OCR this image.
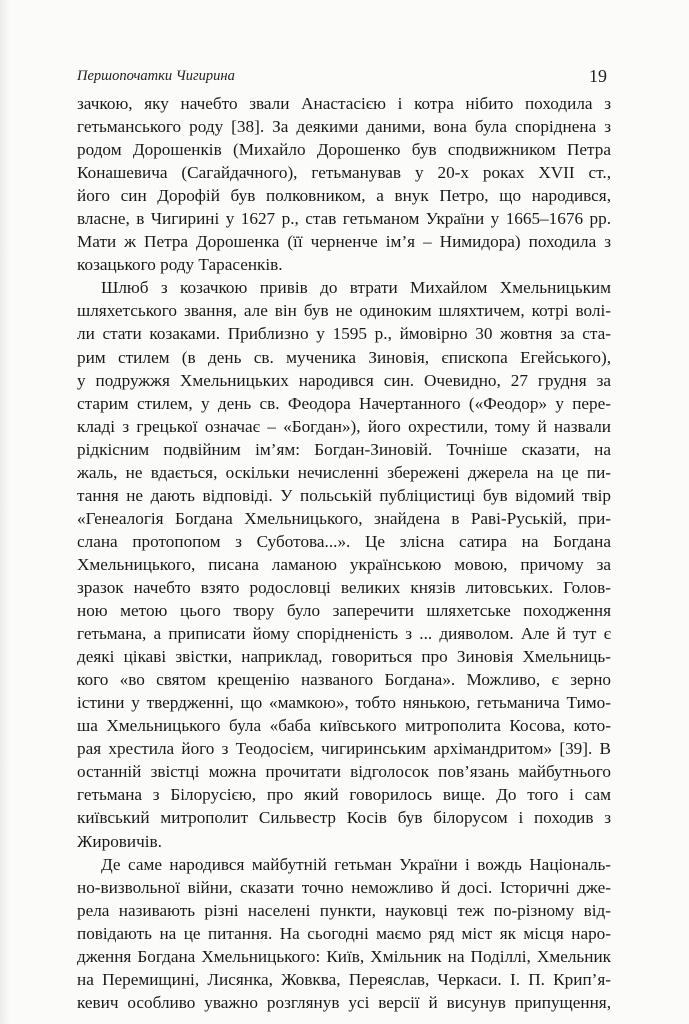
Першопочатки Чигирина	19
зачкою, яку начебто звали Анастасією і котра нібито походила з
гетьманського роду [38]. За деякими даними, вона була споріднена з
родом Дорошенків (Михайло Дорошенко був сподвижником Петра
Конашевича (Сагайдачного), гетьманував у 20-х роках XVII ст.,
його син Дорофій був полковником, а внук Петро, що народився,
власне, в Чигирині у 1627 р., став гетьманом України у 1665–1676 рр.
Мати ж Петра Дорошенка (її черненче ім’я – Нимидора) походила з
козацького роду Тарасенків.
Шлюб з козачкою привів до втрати Михайлом Хмельницьким
шляхетського звання, але він був не одиноким шляхтичем, котрі волі-
ли стати козаками. Приблизно у 1595 р., ймовірно 30 жовтня за ста-
рим стилем (в день св. мученика Зиновія, єпископа Егейського),
у подружжя Хмельницьких народився син. Очевидно, 27 грудня за
старим стилем, у день св. Феодора Начертанного («Феодор» у пере-
кладі з грецької означає – «Богдан»), його охрестили, тому й назвали
рідкісним подвійним ім’ям: Богдан-Зиновій. Точніше сказати, на
жаль, не вдається, оскільки нечисленні збережені джерела на це пи-
тання не дають відповіді. У польській публіцистиці був відомий твір
«Генеалогія Богдана Хмельницького, знайдена в Раві-Руській, при-
слана протопопом з Суботова...». Це злісна сатира на Богдана
Хмельницького, писана ламаною українською мовою, причому за
зразок начебто взято родословці великих князів литовських. Голов-
ною метою цього твору було заперечити шляхетське походження
гетьмана, а приписати йому спорідненість з ... дияволом. Але й тут є
деякі цікаві звістки, наприклад, говориться про Зиновія Хмельниць-
кого «во святом крещенію названого Богдана». Можливо, є зерно
істини у твердженні, що «мамкою», тобто нянькою, гетьманича Тимо-
ша Хмельницького була «баба київського митрополита Косова, кото-
рая хрестила його з Теодосієм, чигиринським архімандритом» [39]. В
останній звістці можна прочитати відголосок пов’язань майбутнього
гетьмана з Білорусією, про який говорилось вище. До того і сам
київський митрополит Сильвестр Косів був білорусом і походив з
Жировичів.
Де саме народився майбутній гетьман України і вождь Національ-
но-визвольної війни, сказати точно неможливо й досі. Історичні дже-
рела називають різні населені пункти, науковці теж по-різному від-
повідають на це питання. На сьогодні маємо ряд міст як місця наро-
дження Богдана Хмельницького: Київ, Хмільник на Поділлі, Хмельник
на Перемищині, Лисянка, Жовква, Переяслав, Черкаси. І. П. Крип’я-
кевич особливо уважно розглянув усі версії й висунув припущення,
